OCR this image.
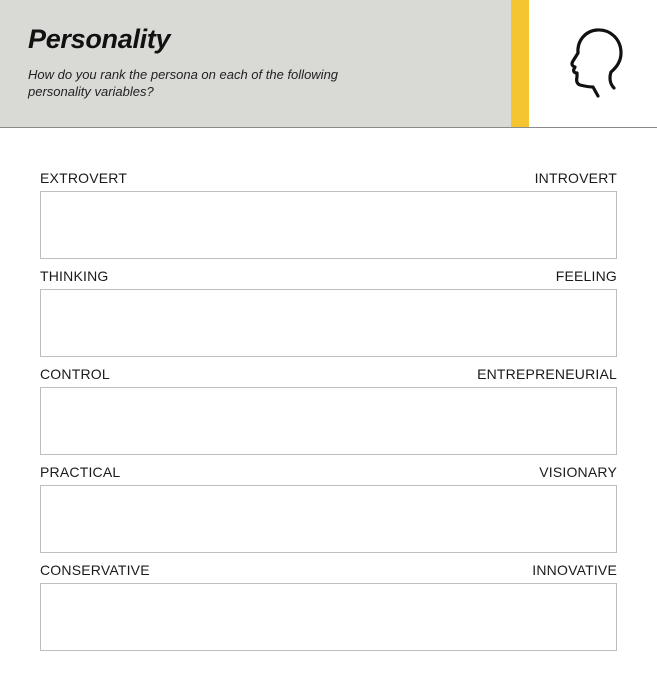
Personality

How do you rank the persona on each of the following personality variables?

EXTROVERT	INTROVERT
THINKING	FEELING
CONTROL	ENTREPRENEURIAL
PRACTICAL	VISIONARY
CONSERVATIVE	INNOVATIVE
